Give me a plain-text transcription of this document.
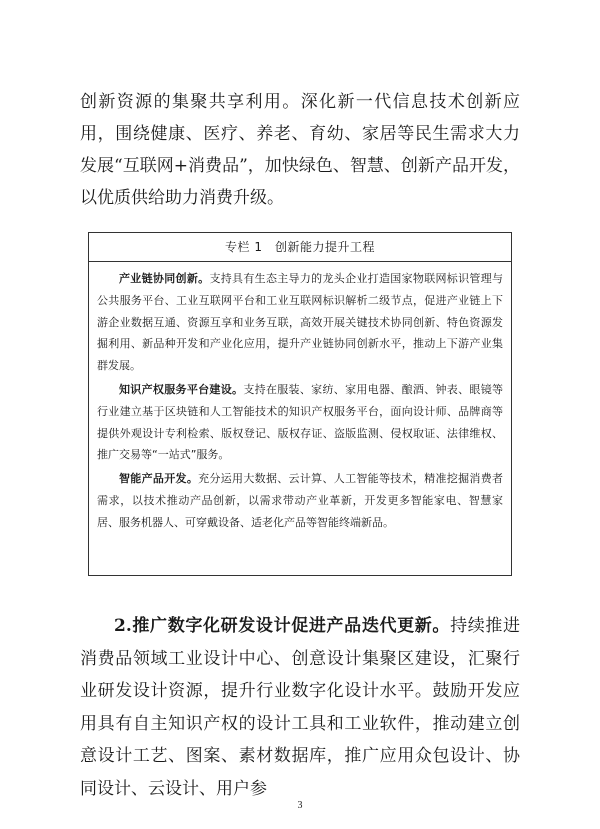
创新资源的集聚共享利用。深化新一代信息技术创新应用，围绕健康、医疗、养老、育幼、家居等民生需求大力发展“互联网+消费品”，加快绿色、智慧、创新产品开发，以优质供给助力消费升级。

专栏 1　创新能力提升工程

产业链协同创新。支持具有生态主导力的龙头企业打造国家物联网标识管理与公共服务平台、工业互联网平台和工业互联网标识解析二级节点，促进产业链上下游企业数据互通、资源互享和业务互联，高效开展关键技术协同创新、特色资源发掘利用、新品种开发和产业化应用，提升产业链协同创新水平，推动上下游产业集群发展。

知识产权服务平台建设。支持在服装、家纺、家用电器、酿酒、钟表、眼镜等行业建立基于区块链和人工智能技术的知识产权服务平台，面向设计师、品牌商等提供外观设计专利检索、版权登记、版权存证、盗版监测、侵权取证、法律维权、推广交易等“一站式”服务。

智能产品开发。充分运用大数据、云计算、人工智能等技术，精准挖掘消费者需求，以技术推动产品创新，以需求带动产业革新，开发更多智能家电、智慧家居、服务机器人、可穿戴设备、适老化产品等智能终端新品。

2.推广数字化研发设计促进产品迭代更新。持续推进消费品领域工业设计中心、创意设计集聚区建设，汇聚行业研发设计资源，提升行业数字化设计水平。鼓励开发应用具有自主知识产权的设计工具和工业软件，推动建立创意设计工艺、图案、素材数据库，推广应用众包设计、协同设计、云设计、用户参

3
